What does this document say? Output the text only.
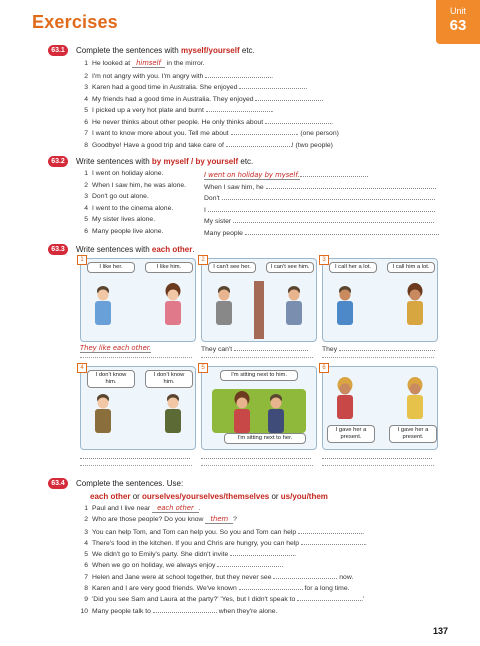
Exercises
Unit
63
63.1	Complete the sentences with myself/yourself etc.
1 He looked at himself in the mirror.
2 I'm not angry with you. I'm angry with	.
3 Karen had a good time in Australia. She enjoyed	.
4 My friends had a good time in Australia. They enjoyed	.
5 I picked up a very hot plate and burnt	.
6 He never thinks about other people. He only thinks about	.
7 I want to know more about you. Tell me about	. (one person)
8 Goodbye! Have a good trip and take care of	! (two people)
63.2	Write sentences with by myself / by yourself etc.
1 I went on holiday alone.	I went on holiday by myself.
2 When I saw him, he was alone.	When I saw him, he
3 Don't go out alone.	Don't
4 I went to the cinema alone.	I
5 My sister lives alone.	My sister
6 Many people live alone.	Many people
63.3	Write sentences with each other.
1
I like her.	I like him.
They like each other.
2
I can't see her.	I can't see him.
They can't
3
I call her a lot.	I call him a lot.
They
4
I don't know him.
I don't know him.
5
I'm sitting next to him.
I'm sitting next to her.
6
I gave her a present.
I gave her a present.
63.4	Complete the sentences. Use:
each other or ourselves/yourselves/themselves or us/you/them
1 Paul and I live near each other .
2 Who are those people? Do you know them ?
3 You can help Tom, and Tom can help you. So you and Tom can help	.
4 There's food in the kitchen. If you and Chris are hungry, you can help	.
5 We didn't go to Emily's party. She didn't invite	.
6 When we go on holiday, we always enjoy	.
7 Helen and Jane were at school together, but they never see	now.
8 Karen and I are very good friends. We've known	for a long time.
9 'Did you see Sam and Laura at the party?' 'Yes, but I didn't speak to	.'
10 Many people talk to	when they're alone.
137
